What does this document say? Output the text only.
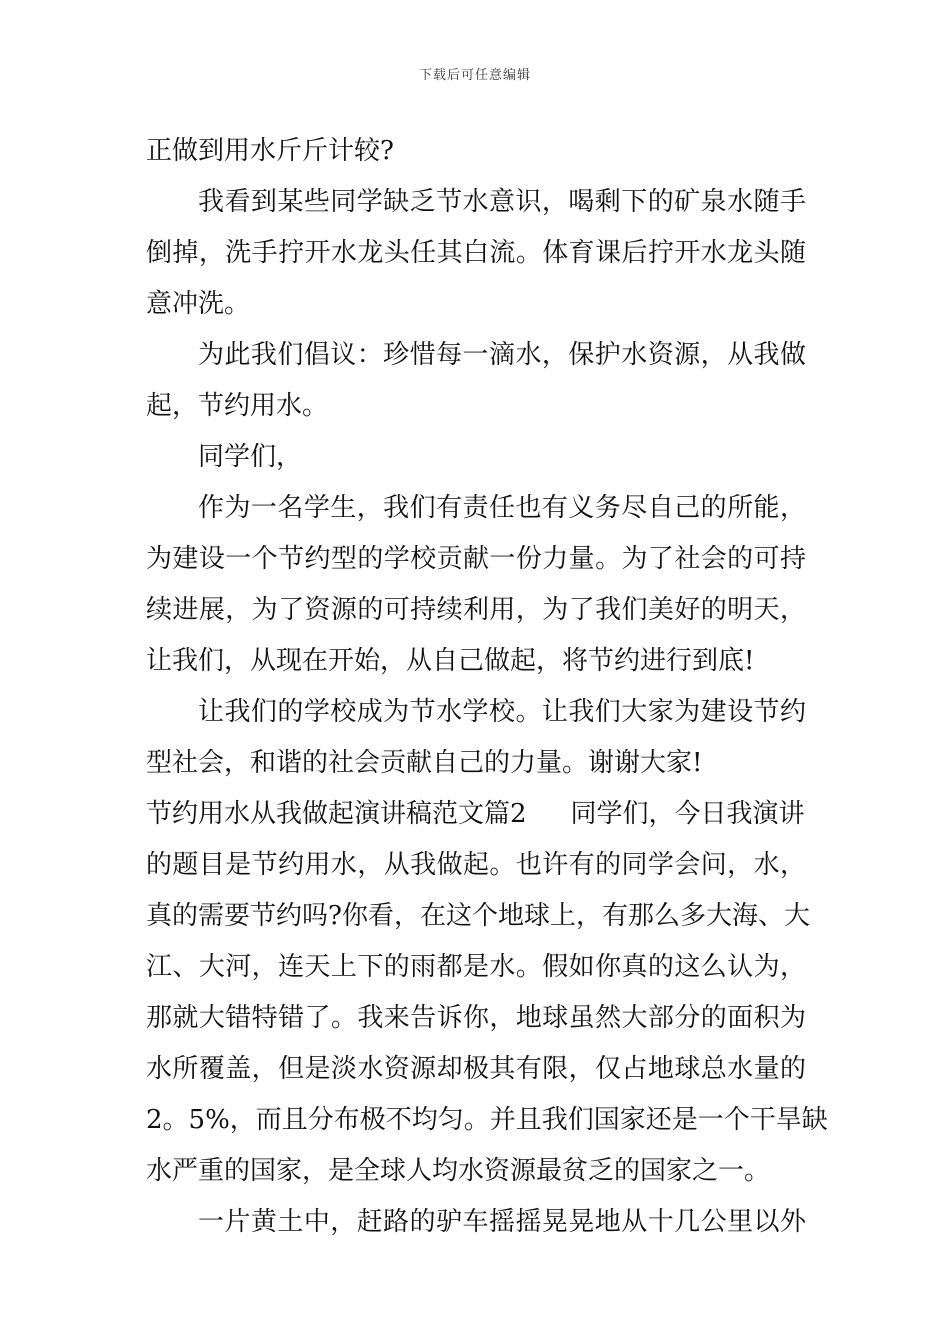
下载后可任意编辑
正做到用水斤斤计较?
我看到某些同学缺乏节水意识，喝剩下的矿泉水随手
倒掉，洗手拧开水龙头任其白流。体育课后拧开水龙头随
意冲洗。
为此我们倡议：珍惜每一滴水，保护水资源，从我做
起，节约用水。
同学们，
作为一名学生，我们有责任也有义务尽自己的所能，
为建设一个节约型的学校贡献一份力量。为了社会的可持
续进展，为了资源的可持续利用，为了我们美好的明天，
让我们，从现在开始，从自己做起，将节约进行到底!
让我们的学校成为节水学校。让我们大家为建设节约
型社会，和谐的社会贡献自己的力量。谢谢大家!
节约用水从我做起演讲稿范文篇2 同学们，今日我演讲
的题目是节约用水，从我做起。也许有的同学会问，水，
真的需要节约吗?你看，在这个地球上，有那么多大海、大
江、大河，连天上下的雨都是水。假如你真的这么认为，
那就大错特错了。我来告诉你，地球虽然大部分的面积为
水所覆盖，但是淡水资源却极其有限，仅占地球总水量的
2。5%，而且分布极不均匀。并且我们国家还是一个干旱缺
水严重的国家，是全球人均水资源最贫乏的国家之一。
一片黄土中，赶路的驴车摇摇晃晃地从十几公里以外
